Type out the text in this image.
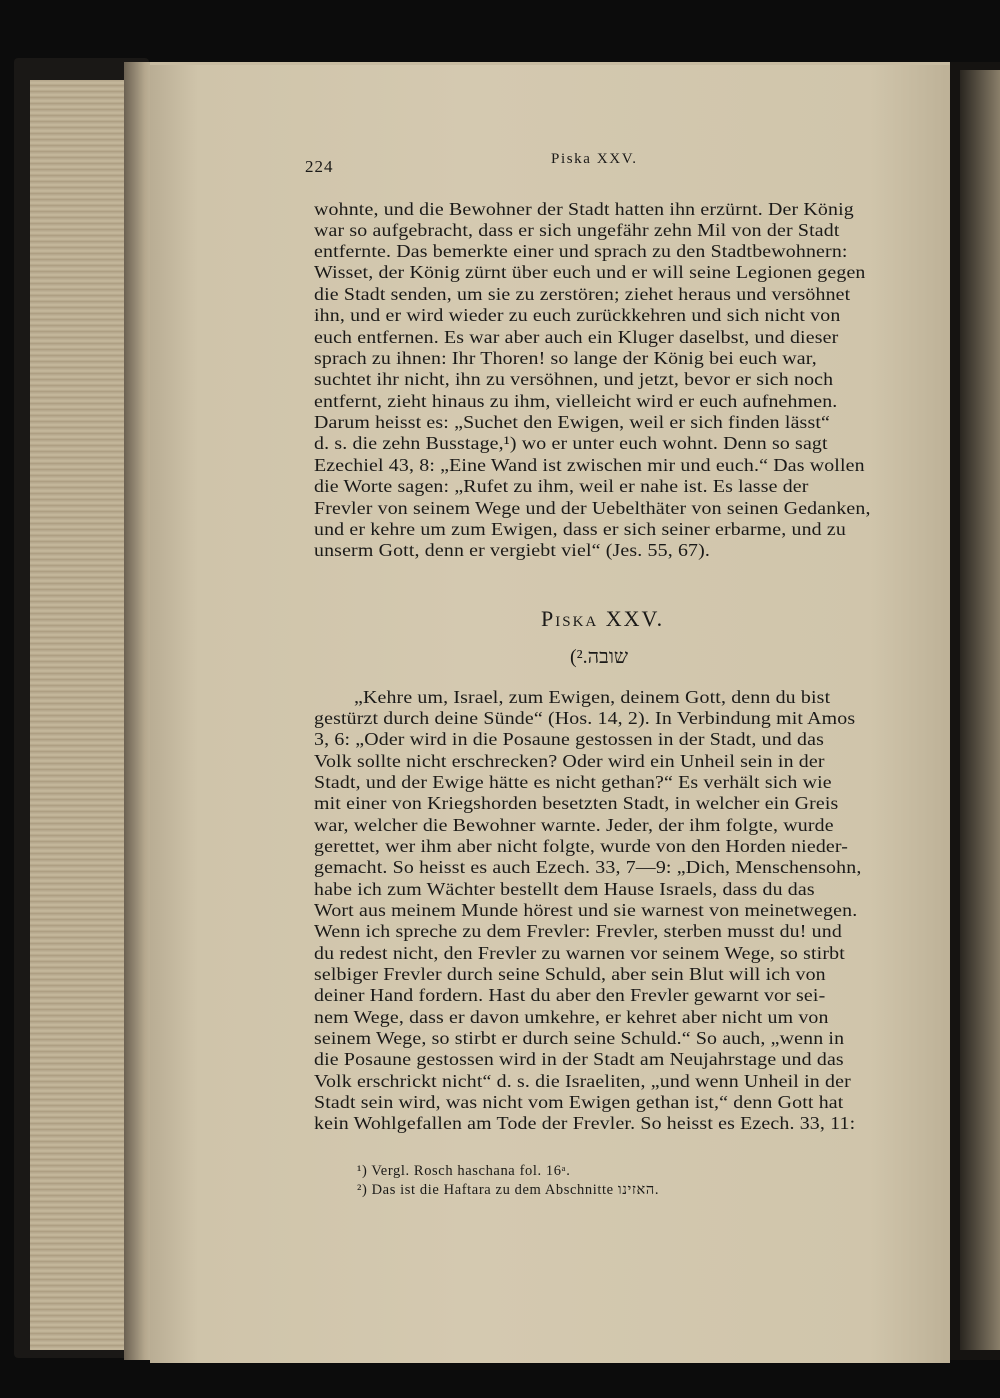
224	Piska XXV.
wohnte, und die Bewohner der Stadt hatten ihn erzürnt. Der König
war so aufgebracht, dass er sich ungefähr zehn Mil von der Stadt
entfernte. Das bemerkte einer und sprach zu den Stadtbewohnern:
Wisset, der König zürnt über euch und er will seine Legionen gegen
die Stadt senden, um sie zu zerstören; ziehet heraus und versöhnet
ihn, und er wird wieder zu euch zurückkehren und sich nicht von
euch entfernen. Es war aber auch ein Kluger daselbst, und dieser
sprach zu ihnen: Ihr Thoren! so lange der König bei euch war,
suchtet ihr nicht, ihn zu versöhnen, und jetzt, bevor er sich noch
entfernt, zieht hinaus zu ihm, vielleicht wird er euch aufnehmen.
Darum heisst es: „Suchet den Ewigen, weil er sich finden lässt“
d. s. die zehn Busstage,¹) wo er unter euch wohnt. Denn so sagt
Ezechiel 43, 8: „Eine Wand ist zwischen mir und euch.“ Das wollen
die Worte sagen: „Rufet zu ihm, weil er nahe ist. Es lasse der
Frevler von seinem Wege und der Uebelthäter von seinen Gedanken,
und er kehre um zum Ewigen, dass er sich seiner erbarme, und zu
unserm Gott, denn er vergiebt viel“ (Jes. 55, 67).
Piska XXV.
שובה.²)
„Kehre um, Israel, zum Ewigen, deinem Gott, denn du bist
gestürzt durch deine Sünde“ (Hos. 14, 2). In Verbindung mit Amos
3, 6: „Oder wird in die Posaune gestossen in der Stadt, und das
Volk sollte nicht erschrecken? Oder wird ein Unheil sein in der
Stadt, und der Ewige hätte es nicht gethan?“ Es verhält sich wie
mit einer von Kriegshorden besetzten Stadt, in welcher ein Greis
war, welcher die Bewohner warnte. Jeder, der ihm folgte, wurde
gerettet, wer ihm aber nicht folgte, wurde von den Horden nieder-
gemacht. So heisst es auch Ezech. 33, 7—9: „Dich, Menschensohn,
habe ich zum Wächter bestellt dem Hause Israels, dass du das
Wort aus meinem Munde hörest und sie warnest von meinetwegen.
Wenn ich spreche zu dem Frevler: Frevler, sterben musst du! und
du redest nicht, den Frevler zu warnen vor seinem Wege, so stirbt
selbiger Frevler durch seine Schuld, aber sein Blut will ich von
deiner Hand fordern. Hast du aber den Frevler gewarnt vor sei-
nem Wege, dass er davon umkehre, er kehret aber nicht um von
seinem Wege, so stirbt er durch seine Schuld.“ So auch, „wenn in
die Posaune gestossen wird in der Stadt am Neujahrstage und das
Volk erschrickt nicht“ d. s. die Israeliten, „und wenn Unheil in der
Stadt sein wird, was nicht vom Ewigen gethan ist,“ denn Gott hat
kein Wohlgefallen am Tode der Frevler. So heisst es Ezech. 33, 11:
¹) Vergl. Rosch haschana fol. 16ᵃ.
²) Das ist die Haftara zu dem Abschnitte האזינו.
